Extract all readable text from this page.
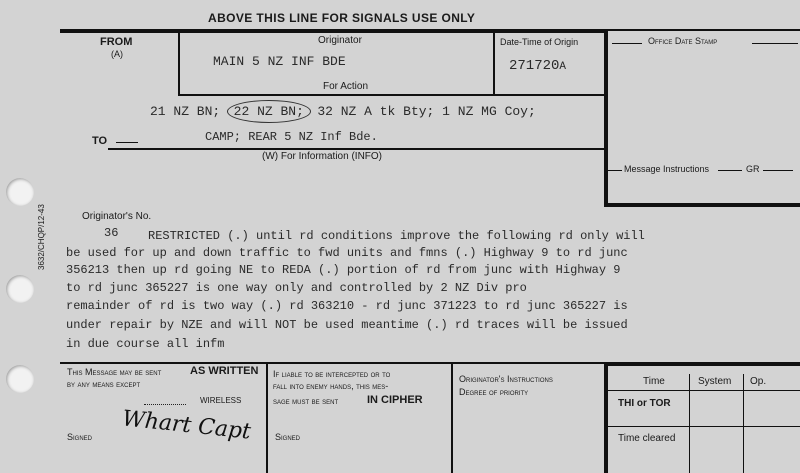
ABOVE THIS LINE FOR SIGNALS USE ONLY
FROM
(A)
Originator
MAIN 5 NZ INF BDE
Date-Time of Origin
271720A
Office Date Stamp
For Action
21 NZ BN; 22 NZ BN; 32 NZ A tk Bty; 1 NZ MG Coy;
CAMP; REAR 5 NZ Inf Bde.
TO
(W) For Information (INFO)
Message Instructions	GR
3632/CHQP/12-43	Originator's No.
36 RESTRICTED (.) until rd conditions improve the following rd only will
be used for up and down traffic to fwd units and fmns (.) Highway 9 to rd junc
356213 then up rd going NE to REDA (.) portion of rd from junc with Highway 9
to rd junc 365227 is one way only and controlled by 2 NZ Div pro
remainder of rd is two way (.) rd 363210 - rd junc 371223 to rd junc 365227 is
under repair by NZE and will NOT be used meantime (.) rd traces will be issued
in due course all infm
This Message may be sent	AS WRITTEN
by any means except
WIRELESS
Signed Whart Capt
If liable to be intercepted or to
fall into enemy hands, this mes-
sage must be sent	IN CIPHER
Signed
Originator's Instructions
Degree of priority
Time	System Op.
THI or TOR
Time cleared
